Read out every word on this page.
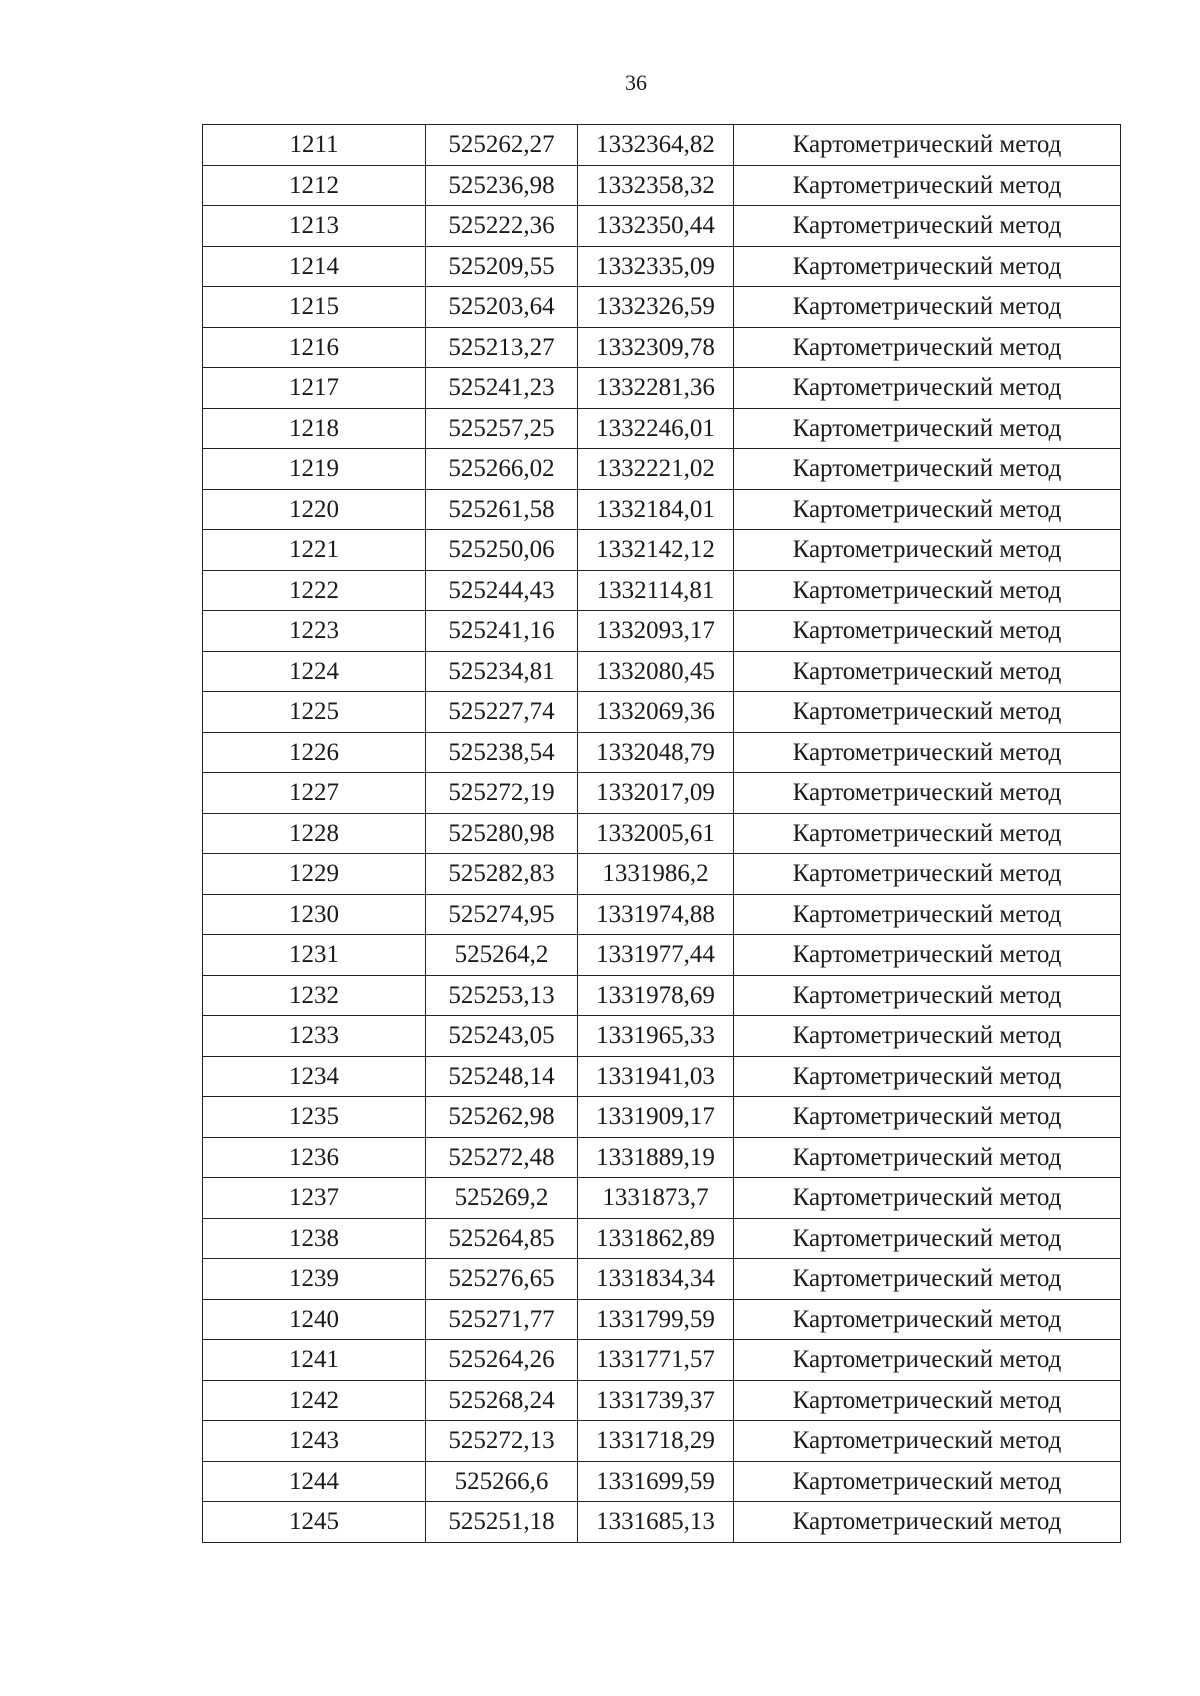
36
1211	525262,27	1332364,82	Картометрический метод
1212	525236,98	1332358,32	Картометрический метод
1213	525222,36	1332350,44	Картометрический метод
1214	525209,55	1332335,09	Картометрический метод
1215	525203,64	1332326,59	Картометрический метод
1216	525213,27	1332309,78	Картометрический метод
1217	525241,23	1332281,36	Картометрический метод
1218	525257,25	1332246,01	Картометрический метод
1219	525266,02	1332221,02	Картометрический метод
1220	525261,58	1332184,01	Картометрический метод
1221	525250,06	1332142,12	Картометрический метод
1222	525244,43	1332114,81	Картометрический метод
1223	525241,16	1332093,17	Картометрический метод
1224	525234,81	1332080,45	Картометрический метод
1225	525227,74	1332069,36	Картометрический метод
1226	525238,54	1332048,79	Картометрический метод
1227	525272,19	1332017,09	Картометрический метод
1228	525280,98	1332005,61	Картометрический метод
1229	525282,83	1331986,2	Картометрический метод
1230	525274,95	1331974,88	Картометрический метод
1231	525264,2	1331977,44	Картометрический метод
1232	525253,13	1331978,69	Картометрический метод
1233	525243,05	1331965,33	Картометрический метод
1234	525248,14	1331941,03	Картометрический метод
1235	525262,98	1331909,17	Картометрический метод
1236	525272,48	1331889,19	Картометрический метод
1237	525269,2	1331873,7	Картометрический метод
1238	525264,85	1331862,89	Картометрический метод
1239	525276,65	1331834,34	Картометрический метод
1240	525271,77	1331799,59	Картометрический метод
1241	525264,26	1331771,57	Картометрический метод
1242	525268,24	1331739,37	Картометрический метод
1243	525272,13	1331718,29	Картометрический метод
1244	525266,6	1331699,59	Картометрический метод
1245	525251,18	1331685,13	Картометрический метод
